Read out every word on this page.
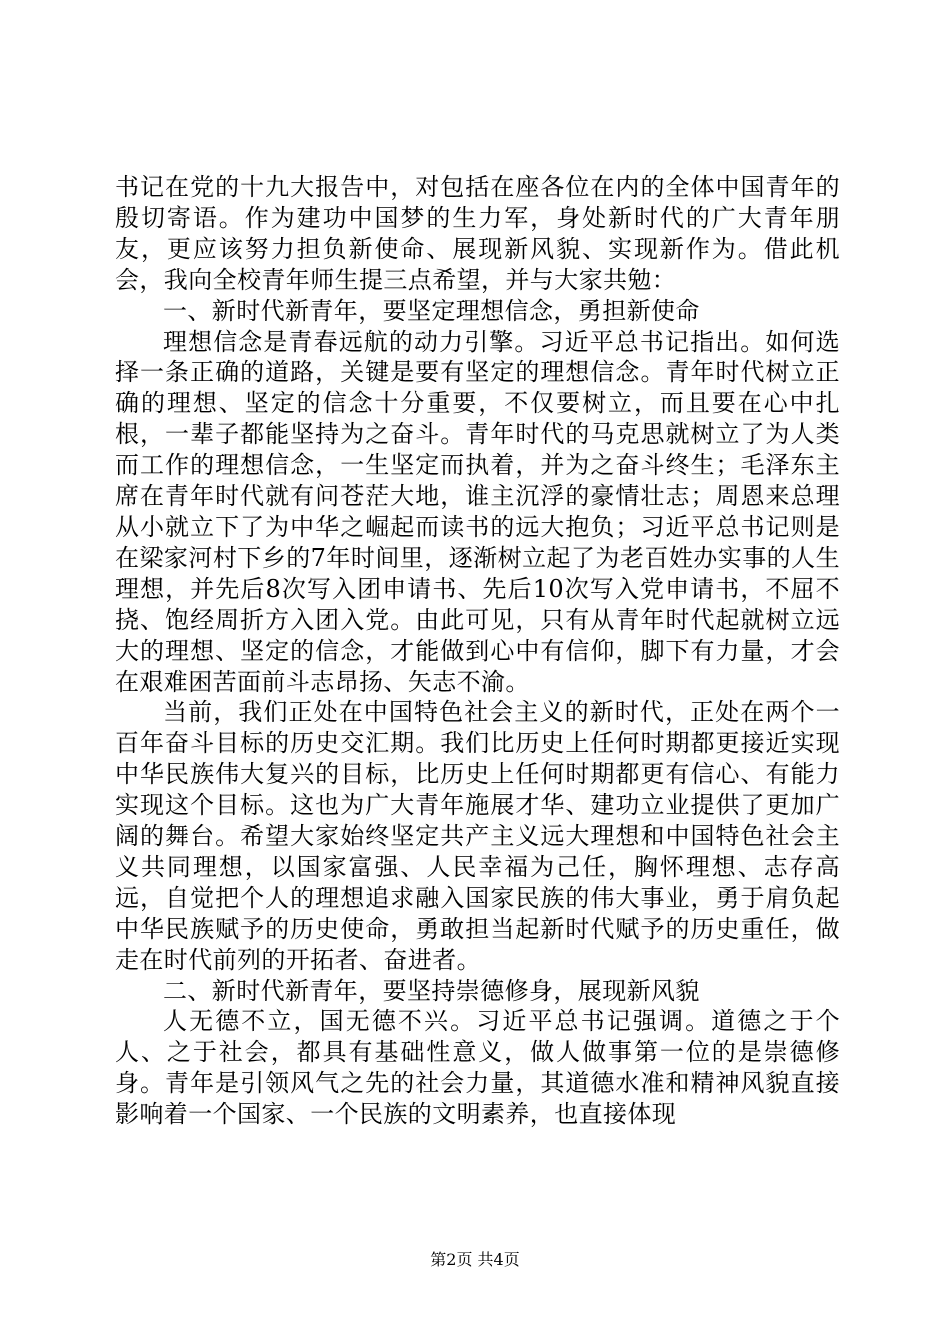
书记在党的十九大报告中，对包括在座各位在内的全体中国青年的殷切寄语。作为建功中国梦的生力军，身处新时代的广大青年朋友，更应该努力担负新使命、展现新风貌、实现新作为。借此机会，我向全校青年师生提三点希望，并与大家共勉：

一、新时代新青年，要坚定理想信念，勇担新使命

理想信念是青春远航的动力引擎。习近平总书记指出。如何选择一条正确的道路，关键是要有坚定的理想信念。青年时代树立正确的理想、坚定的信念十分重要，不仅要树立，而且要在心中扎根，一辈子都能坚持为之奋斗。青年时代的马克思就树立了为人类而工作的理想信念，一生坚定而执着，并为之奋斗终生；毛泽东主席在青年时代就有问苍茫大地，谁主沉浮的豪情壮志；周恩来总理从小就立下了为中华之崛起而读书的远大抱负；习近平总书记则是在梁家河村下乡的7年时间里，逐渐树立起了为老百姓办实事的人生理想，并先后8次写入团申请书、先后10次写入党申请书，不屈不挠、饱经周折方入团入党。由此可见，只有从青年时代起就树立远大的理想、坚定的信念，才能做到心中有信仰，脚下有力量，才会在艰难困苦面前斗志昂扬、矢志不渝。

当前，我们正处在中国特色社会主义的新时代，正处在两个一百年奋斗目标的历史交汇期。我们比历史上任何时期都更接近实现中华民族伟大复兴的目标，比历史上任何时期都更有信心、有能力实现这个目标。这也为广大青年施展才华、建功立业提供了更加广阔的舞台。希望大家始终坚定共产主义远大理想和中国特色社会主义共同理想，以国家富强、人民幸福为己任，胸怀理想、志存高远，自觉把个人的理想追求融入国家民族的伟大事业，勇于肩负起中华民族赋予的历史使命，勇敢担当起新时代赋予的历史重任，做走在时代前列的开拓者、奋进者。

二、新时代新青年，要坚持崇德修身，展现新风貌

人无德不立，国无德不兴。习近平总书记强调。道德之于个人、之于社会，都具有基础性意义，做人做事第一位的是崇德修身。青年是引领风气之先的社会力量，其道德水准和精神风貌直接影响着一个国家、一个民族的文明素养，也直接体现

第2页 共4页
